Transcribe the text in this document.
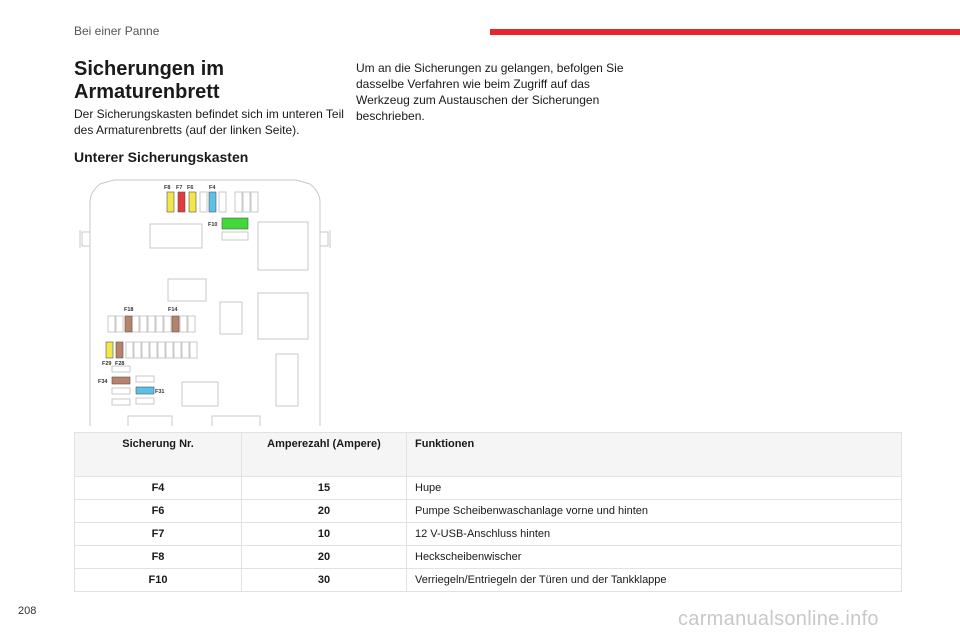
Bei einer Panne
Sicherungen im Armaturenbrett

Der Sicherungskasten befindet sich im unteren Teil des Armaturenbretts (auf der linken Seite).

Um an die Sicherungen zu gelangen, befolgen Sie dasselbe Verfahren wie beim Zugriff auf das Werkzeug zum Austauschen der Sicherungen beschrieben.

Unterer Sicherungskasten
F8 F7 F6	F4
F10
F18	F14
F29 F28
F34
F31
Sicherung Nr.	Amperezahl (Ampere)	Funktionen
F4	15	Hupe
F6	20	Pumpe Scheibenwaschanlage vorne und hinten
F7	10	12 V-USB-Anschluss hinten
F8	20	Heckscheibenwischer
F10	30	Verriegeln/Entriegeln der Türen und der Tankklappe
208	carmanualsonline.info
